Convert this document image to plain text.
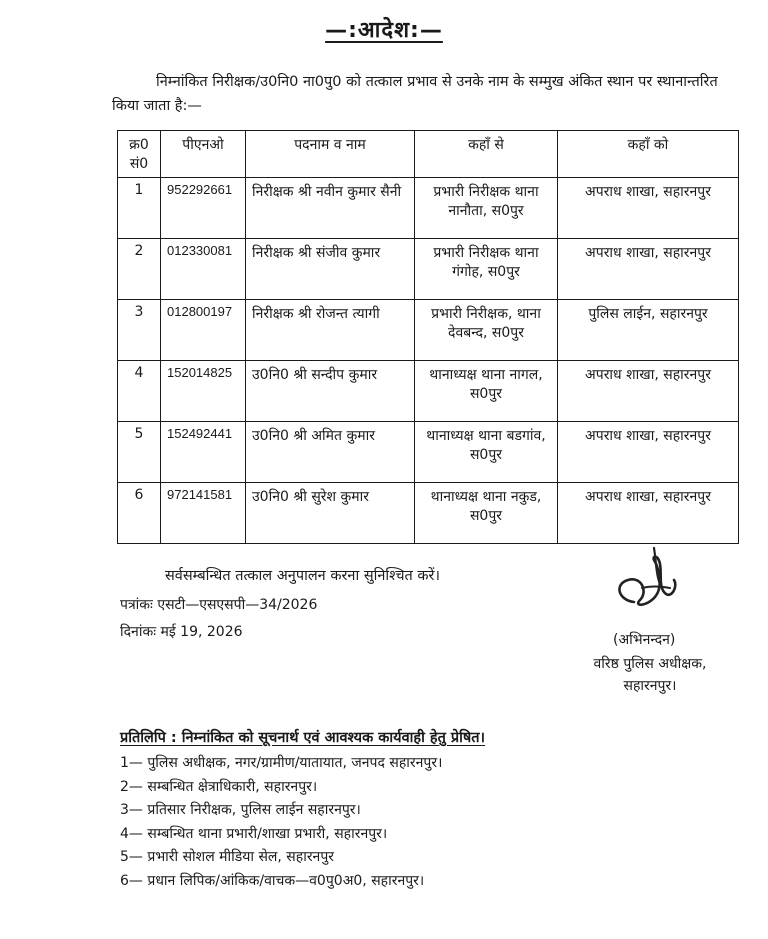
—:आदेश:—
निम्नांकित निरीक्षक/उ0नि0 ना0पु0 को तत्काल प्रभाव से उनके नाम के सम्मुख अंकित स्थान पर स्थानान्तरित किया जाता है:—
क्र0 सं0	पीएनओ	पदनाम व नाम	कहाँ से	कहाँ को
1	952292661	निरीक्षक श्री नवीन कुमार सैनी	प्रभारी निरीक्षक थाना नानौता, स0पुर	अपराध शाखा, सहारनपुर
2	012330081	निरीक्षक श्री संजीव कुमार	प्रभारी निरीक्षक थाना गंगोह, स0पुर	अपराध शाखा, सहारनपुर
3	012800197	निरीक्षक श्री रोजन्त त्यागी	प्रभारी निरीक्षक, थाना देवबन्द, स0पुर	पुलिस लाईन, सहारनपुर
4	152014825	उ0नि0 श्री सन्दीप कुमार	थानाध्यक्ष थाना नागल, स0पुर	अपराध शाखा, सहारनपुर
5	152492441	उ0नि0 श्री अमित कुमार	थानाध्यक्ष थाना बडगांव, स0पुर	अपराध शाखा, सहारनपुर
6	972141581	उ0नि0 श्री सुरेश कुमार	थानाध्यक्ष थाना नकुड, स0पुर	अपराध शाखा, सहारनपुर
सर्वसम्बन्धित तत्काल अनुपालन करना सुनिश्चित करें।
पत्रांकः एसटी—एसएसपी—34/2026
दिनांकः मई 19, 2026	(अभिनन्दन)
वरिष्ठ पुलिस अधीक्षक,
सहारनपुर।
प्रतिलिपि : निम्नांकित को सूचनार्थ एवं आवश्यक कार्यवाही हेतु प्रेषित।
1— पुलिस अधीक्षक, नगर/ग्रामीण/यातायात, जनपद सहारनपुर।
2— सम्बन्धित क्षेत्राधिकारी, सहारनपुर।
3— प्रतिसार निरीक्षक, पुलिस लाईन सहारनपुर।
4— सम्बन्धित थाना प्रभारी/शाखा प्रभारी, सहारनपुर।
5— प्रभारी सोशल मीडिया सेल, सहारनपुर
6— प्रधान लिपिक/आंकिक/वाचक—व0पु0अ0, सहारनपुर।
